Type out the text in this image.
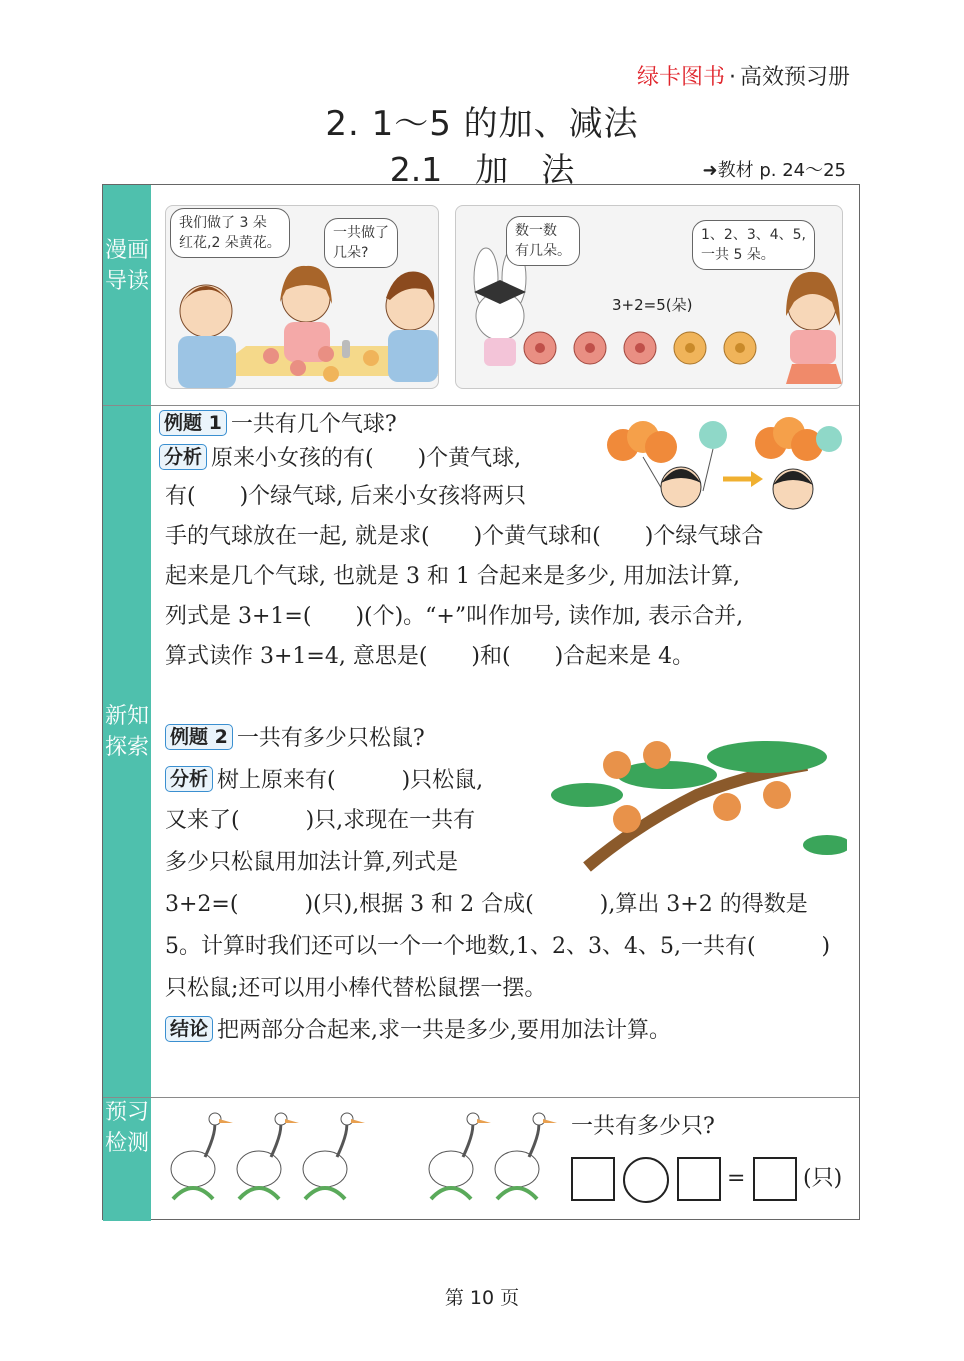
绿卡图书 · 高效预习册
2. 1～5 的加、减法
2.1　加　法	➜教材 p. 24～25
漫画导读
新知探索
预习检测
我们做了 3 朵
红花,2 朵黄花。
一共做了
几朵?
数一数
有几朵。
1、2、3、4、5,
一共 5 朵。
3+2=5(朵)
例题 1 一共有几个气球?
分析 原来小女孩的有(　　)个黄气球,
有(　　)个绿气球, 后来小女孩将两只
手的气球放在一起, 就是求(　　)个黄气球和(　　)个绿气球合
起来是几个气球, 也就是 3 和 1 合起来是多少, 用加法计算,
列式是 3+1=(　　)(个)。“+”叫作加号, 读作加, 表示合并,
算式读作 3+1=4, 意思是(　　)和(　　)合起来是 4。
例题 2 一共有多少只松鼠?
分析 树上原来有(　　　)只松鼠,
又来了(　　　)只,求现在一共有
多少只松鼠用加法计算,列式是
3+2=(　　　)(只),根据 3 和 2 合成(　　　),算出 3+2 的得数是
5。计算时我们还可以一个一个地数,1、2、3、4、5,一共有(　　　)
只松鼠;还可以用小棒代替松鼠摆一摆。
结论 把两部分合起来,求一共是多少,要用加法计算。
一共有多少只?
=	(只)
第 10 页
